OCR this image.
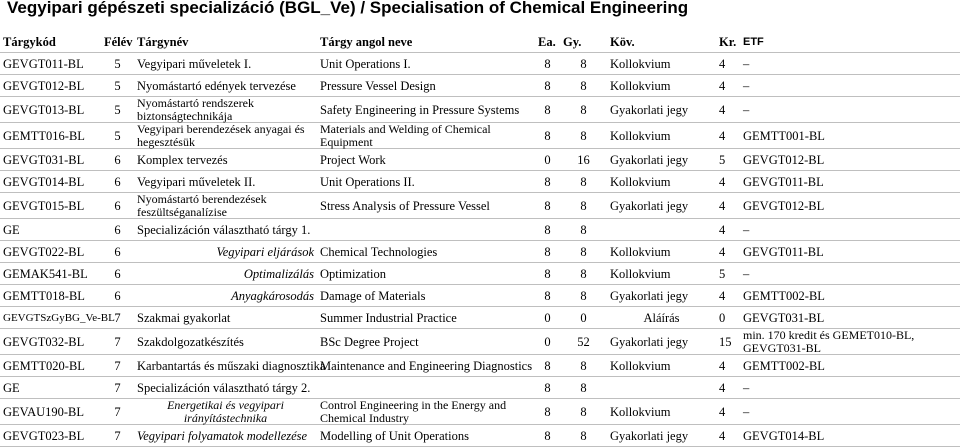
Vegyipari gépészeti specializáció (BGL_Ve) / Specialisation of Chemical Engineering
Tárgykód	Félév	Tárgynév	Tárgy angol neve	Ea.	Gy.	Köv.	Kr.	ETF
GEVGT011-BL	5	Vegyipari műveletek I.	Unit Operations I.	8	8	Kollokvium	4	–
GEVGT012-BL	5	Nyomástartó edények tervezése	Pressure Vessel Design	8	8	Kollokvium	4	–
GEVGT013-BL	5	Nyomástartó rendszerek biztonságtechnikája	Safety Engineering in Pressure Systems	8	8	Gyakorlati jegy	4	–
GEMTT016-BL	5	Vegyipari berendezések anyagai és hegesztésük	Materials and Welding of Chemical Equipment	8	8	Kollokvium	4	GEMTT001-BL
GEVGT031-BL	6	Komplex tervezés	Project Work	0	16	Gyakorlati jegy	5	GEVGT012-BL
GEVGT014-BL	6	Vegyipari műveletek II.	Unit Operations II.	8	8	Kollokvium	4	GEVGT011-BL
GEVGT015-BL	6	Nyomástartó berendezések feszültséganalízise	Stress Analysis of Pressure Vessel	8	8	Gyakorlati jegy	4	GEVGT012-BL
GE	6	Specializáción választható tárgy 1.		8	8		4	–
GEVGT022-BL	6	Vegyipari eljárások	Chemical Technologies	8	8	Kollokvium	4	GEVGT011-BL
GEMAK541-BL	6	Optimalizálás	Optimization	8	8	Kollokvium	5	–
GEMTT018-BL	6	Anyagkárosodás	Damage of Materials	8	8	Gyakorlati jegy	4	GEMTT002-BL
GEVGTSzGyBG_Ve-BL	7	Szakmai gyakorlat	Summer Industrial Practice	0	0	Aláírás	0	GEVGT031-BL
GEVGT032-BL	7	Szakdolgozatkészítés	BSc Degree Project	0	52	Gyakorlati jegy	15	min. 170 kredit és GEMET010-BL, GEVGT031-BL
GEMTT020-BL	7	Karbantartás és műszaki diagnosztika	Maintenance and Engineering Diagnostics	8	8	Kollokvium	4	GEMTT002-BL
GE	7	Specializáción választható tárgy 2.		8	8		4	–
GEVAU190-BL	7	Energetikai és vegyipari irányítástechnika	Control Engineering in the Energy and Chemical Industry	8	8	Kollokvium	4	–
GEVGT023-BL	7	Vegyipari folyamatok modellezése	Modelling of Unit Operations	8	8	Gyakorlati jegy	4	GEVGT014-BL
